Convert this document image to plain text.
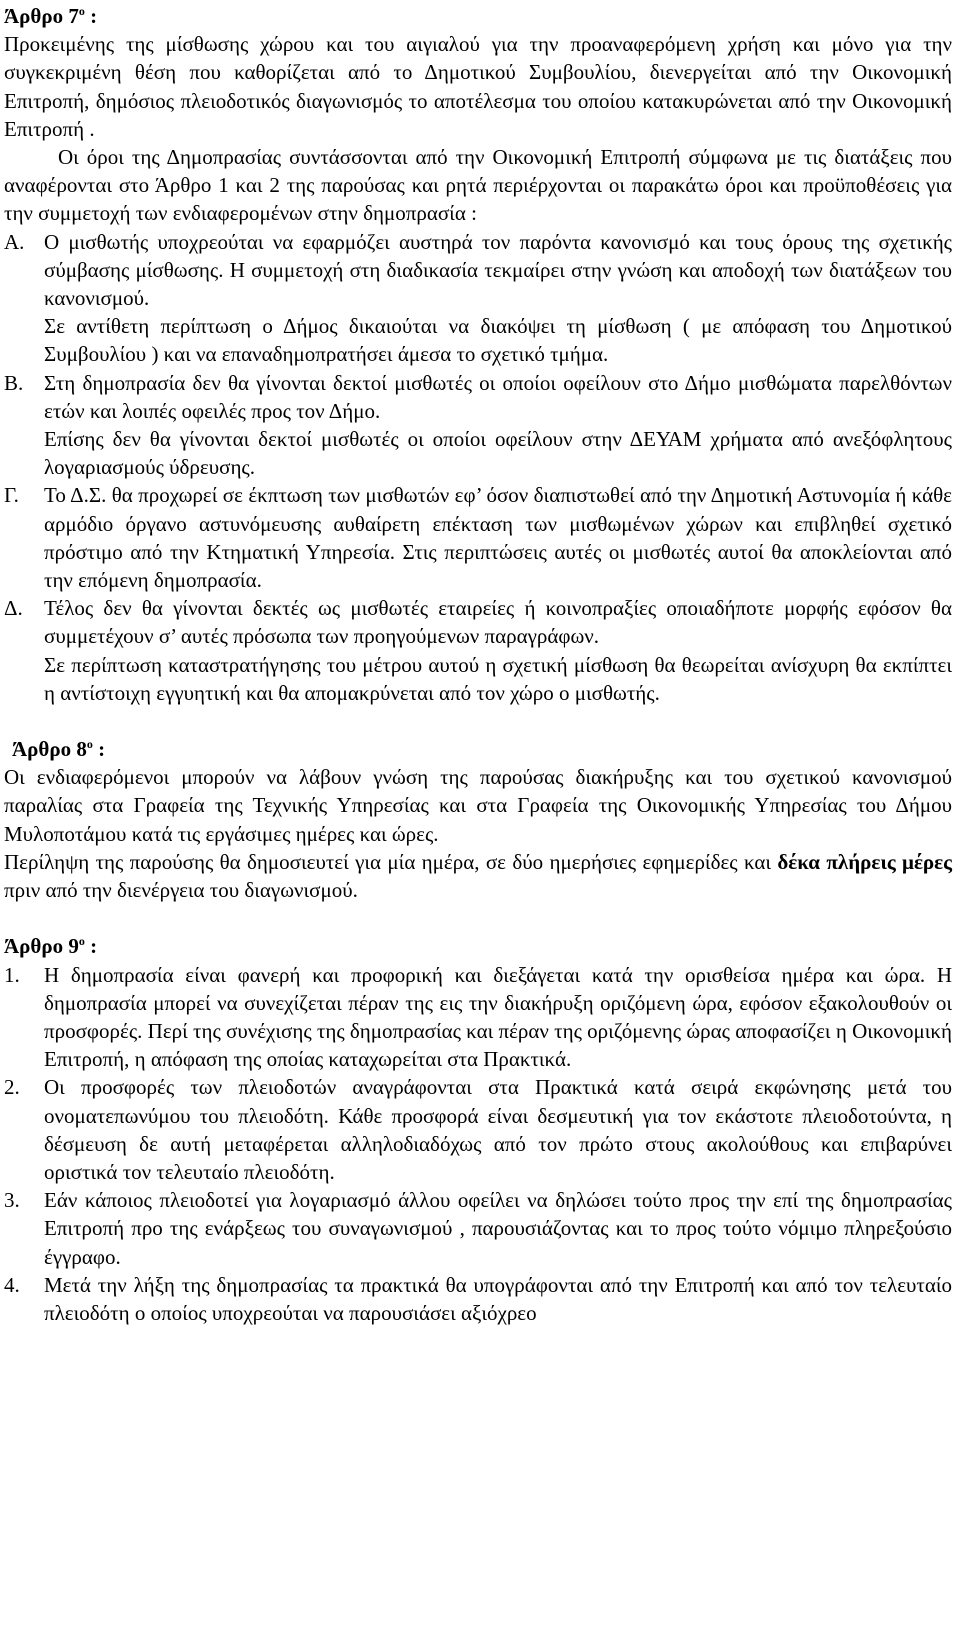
Άρθρο $7^o$ :
Προκειμένης της μίσθωσης χώρου και του αιγιαλού για την προαναφερόμενη χρήση και μόνο για την συγκεκριμένη θέση που καθορίζεται από το Δημοτικού Συμβουλίου, διενεργείται από την Οικονομική Επιτροπή, δημόσιος πλειοδοτικός διαγωνισμός το αποτέλεσμα του οποίου κατακυρώνεται από την Οικονομική Επιτροπή .
Οι όροι της Δημοπρασίας συντάσσονται από την Οικονομική Επιτροπή σύμφωνα με τις διατάξεις που αναφέρονται στο Άρθρο 1 και 2 της παρούσας και ρητά περιέρχονται οι παρακάτω όροι και προϋποθέσεις για την συμμετοχή των ενδιαφερομένων στην δημοπρασία :
Α. Ο μισθωτής υποχρεούται να εφαρμόζει αυστηρά τον παρόντα κανονισμό και τους όρους της σχετικής σύμβασης μίσθωσης. Η συμμετοχή στη διαδικασία τεκμαίρει στην γνώση και αποδοχή των διατάξεων του κανονισμού.
Σε αντίθετη περίπτωση ο Δήμος δικαιούται να διακόψει τη μίσθωση ( με απόφαση του Δημοτικού Συμβουλίου ) και να επαναδημοπρατήσει άμεσα το σχετικό τμήμα.
Β. Στη δημοπρασία δεν θα γίνονται δεκτοί μισθωτές οι οποίοι οφείλουν στο Δήμο μισθώματα παρελθόντων ετών και λοιπές οφειλές προς τον Δήμο.
Επίσης δεν θα γίνονται δεκτοί μισθωτές οι οποίοι οφείλουν στην ΔΕΥΑΜ χρήματα από ανεξόφλητους λογαριασμούς ύδρευσης.
Γ.	Το Δ.Σ. θα προχωρεί σε έκπτωση των μισθωτών εφ’ όσον διαπιστωθεί από την Δημοτική Αστυνομία ή κάθε αρμόδιο όργανο αστυνόμευσης αυθαίρετη επέκταση των μισθωμένων χώρων και επιβληθεί σχετικό πρόστιμο από την Κτηματική Υπηρεσία. Στις περιπτώσεις αυτές οι μισθωτές αυτοί θα αποκλείονται από την επόμενη δημοπρασία.
Δ.	Τέλος δεν θα γίνονται δεκτές ως μισθωτές εταιρείες ή κοινοπραξίες οποιαδήποτε μορφής εφόσον θα συμμετέχουν σ’ αυτές πρόσωπα των προηγούμενων παραγράφων.
Σε περίπτωση καταστρατήγησης του μέτρου αυτού η σχετική μίσθωση θα θεωρείται ανίσχυρη θα εκπίπτει η αντίστοιχη εγγυητική και θα απομακρύνεται από τον χώρο ο μισθωτής.
Άρθρο $8^o$ :
Οι ενδιαφερόμενοι μπορούν να λάβουν γνώση της παρούσας διακήρυξης και του σχετικού κανονισμού παραλίας στα Γραφεία της Τεχνικής Υπηρεσίας και στα Γραφεία της Οικονομικής Υπηρεσίας του Δήμου Μυλοποτάμου κατά τις εργάσιμες ημέρες και ώρες.
Περίληψη της παρούσης θα δημοσιευτεί για μία ημέρα, σε δύο ημερήσιες εφημερίδες και δέκα πλήρεις μέρες πριν από την διενέργεια του διαγωνισμού.
Άρθρο $9^o$ :
1.	Η δημοπρασία είναι φανερή και προφορική και διεξάγεται κατά την ορισθείσα ημέρα και ώρα. Η δημοπρασία μπορεί να συνεχίζεται πέραν της εις την διακήρυξη οριζόμενη ώρα, εφόσον εξακολουθούν οι προσφορές. Περί της συνέχισης της δημοπρασίας και πέραν της οριζόμενης ώρας αποφασίζει η Οικονομική Επιτροπή, η απόφαση της οποίας καταχωρείται στα Πρακτικά.
2.	Οι προσφορές των πλειοδοτών αναγράφονται στα Πρακτικά κατά σειρά εκφώνησης μετά του ονοματεπωνύμου του πλειοδότη. Κάθε προσφορά είναι δεσμευτική για τον εκάστοτε πλειοδοτούντα, η δέσμευση δε αυτή μεταφέρεται αλληλοδιαδόχως από τον πρώτο στους ακολούθους και επιβαρύνει οριστικά τον τελευταίο πλειοδότη.
3.	Εάν κάποιος πλειοδοτεί για λογαριασμό άλλου οφείλει να δηλώσει τούτο προς την επί της δημοπρασίας Επιτροπή προ της ενάρξεως του συναγωνισμού , παρουσιάζοντας και το προς τούτο νόμιμο πληρεξούσιο έγγραφο.
4.	Μετά την λήξη της δημοπρασίας τα πρακτικά θα υπογράφονται από την Επιτροπή και από τον τελευταίο πλειοδότη ο οποίος υποχρεούται να παρουσιάσει αξιόχρεο
